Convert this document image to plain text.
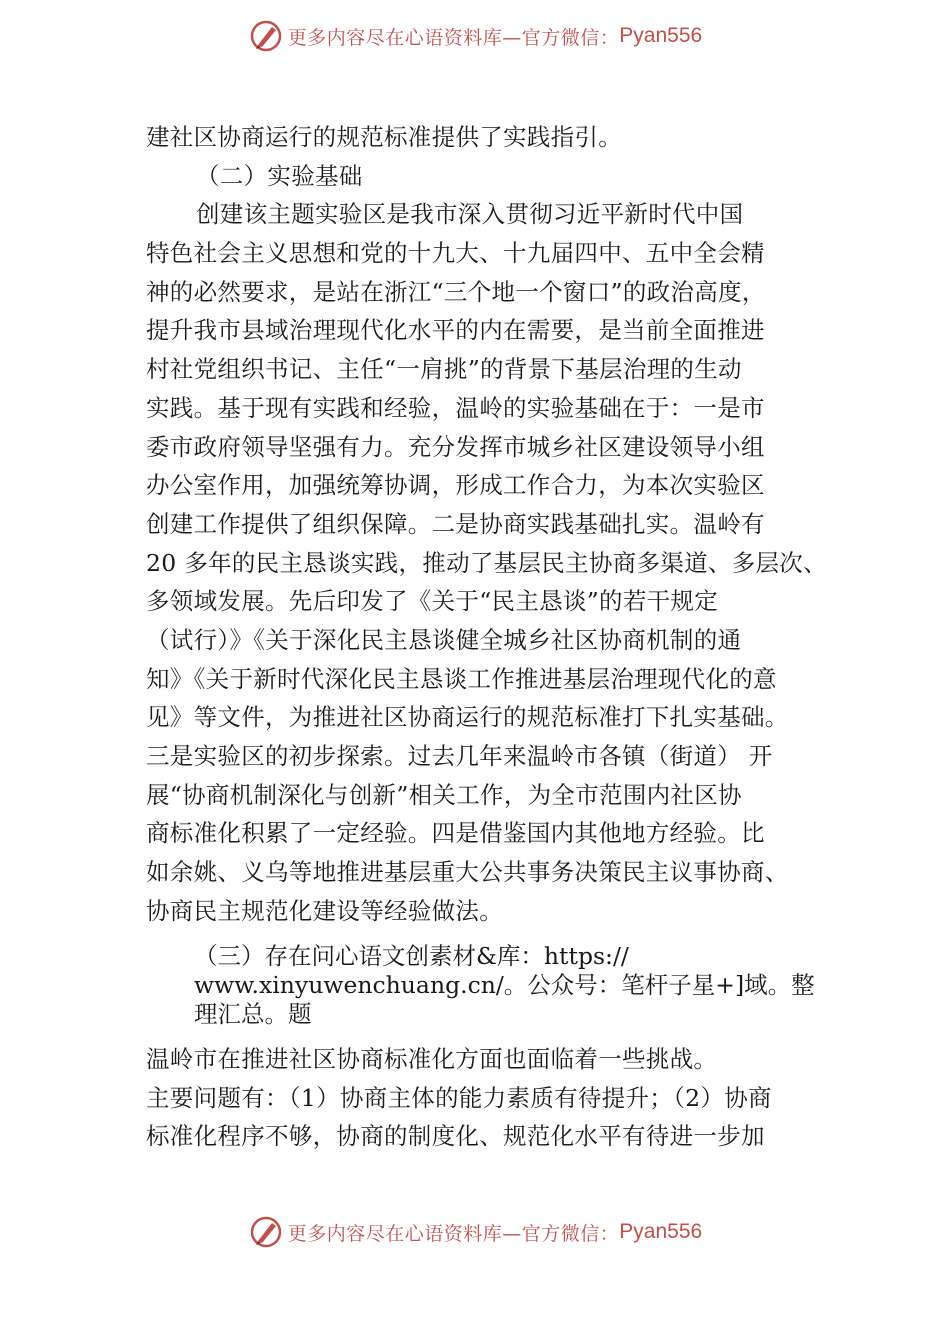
更多内容尽在心语资料库—官方微信： Pyan556
建社区协商运行的规范标准提供了实践指引。
（二）实验基础
创建该主题实验区是我市深入贯彻习近平新时代中国
特色社会主义思想和党的十九大、十九届四中、五中全会精
神的必然要求，是站在浙江“三个地一个窗口”的政治高度，
提升我市县域治理现代化水平的内在需要，是当前全面推进
村社党组织书记、主任“一肩挑”的背景下基层治理的生动
实践。基于现有实践和经验，温岭的实验基础在于：一是市
委市政府领导坚强有力。充分发挥市城乡社区建设领导小组
办公室作用，加强统筹协调，形成工作合力，为本次实验区
创建工作提供了组织保障。二是协商实践基础扎实。温岭有
20 多年的民主恳谈实践，推动了基层民主协商多渠道、多层次、
多领域发展。先后印发了《关于“民主恳谈”的若干规定
（试行）》《关于深化民主恳谈健全城乡社区协商机制的通
知》《关于新时代深化民主恳谈工作推进基层治理现代化的意
见》等文件，为推进社区协商运行的规范标准打下扎实基础。
三是实验区的初步探索。过去几年来温岭市各镇（街道） 开
展“协商机制深化与创新”相关工作，为全市范围内社区协
商标准化积累了一定经验。四是借鉴国内其他地方经验。比
如余姚、义乌等地推进基层重大公共事务决策民主议事协商、
协商民主规范化建设等经验做法。
（三）存在问心语文创素材&库：https://
www.xinyuwenchuang.cn/。公众号：笔杆子星+]域。整
理汇总。题
温岭市在推进社区协商标准化方面也面临着一些挑战。
主要问题有：（1）协商主体的能力素质有待提升；（2）协商
标准化程序不够，协商的制度化、规范化水平有待进一步加
更多内容尽在心语资料库—官方微信： Pyan556
